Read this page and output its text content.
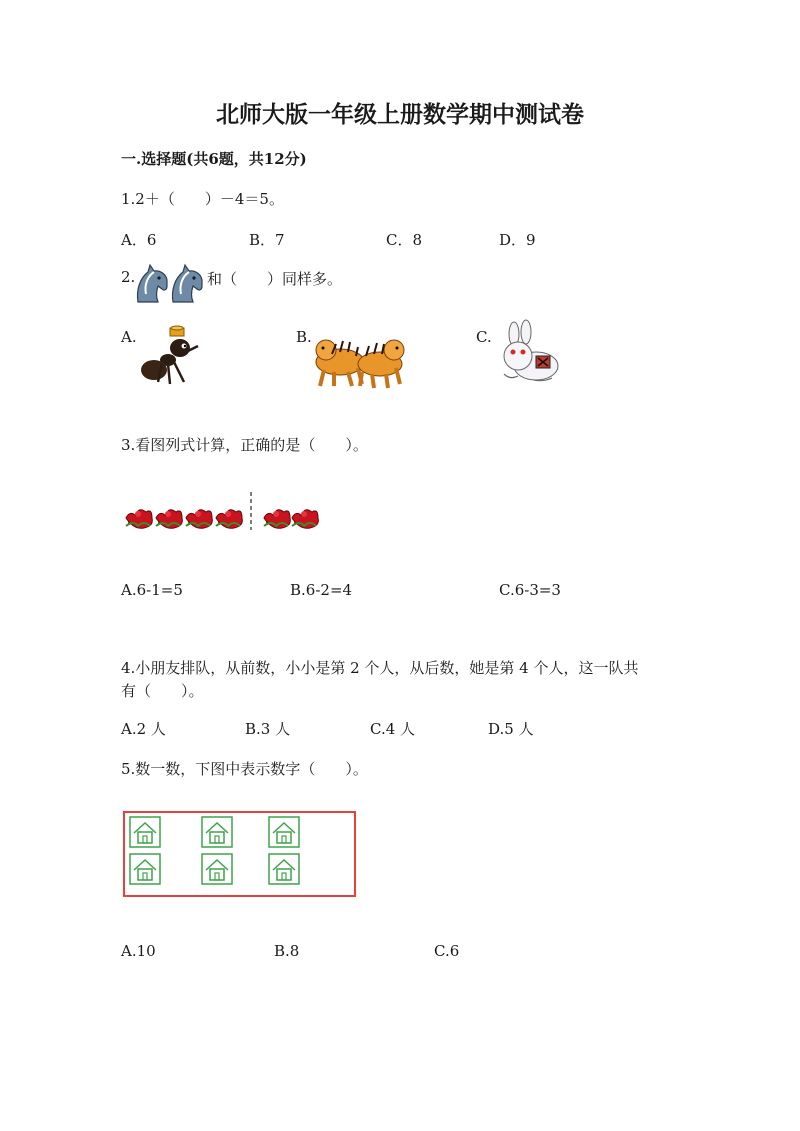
北师大版一年级上册数学期中测试卷
一.选择题(共6题，共12分)
1.2＋（　　）－4＝5。
A．6	B．7	C．8	D．9
2.	和（　　）同样多。
A.	B.	C.
3.看图列式计算，正确的是（　　）。
A.6-1=5	B.6-2=4	C.6-3=3
4.小朋友排队，从前数，小小是第 2 个人，从后数，她是第 4 个人，这一队共
有（　　）。
A.2 人	B.3 人	C.4 人	D.5 人
5.数一数，下图中表示数字（　　）。
A.10	B.8	C.6
